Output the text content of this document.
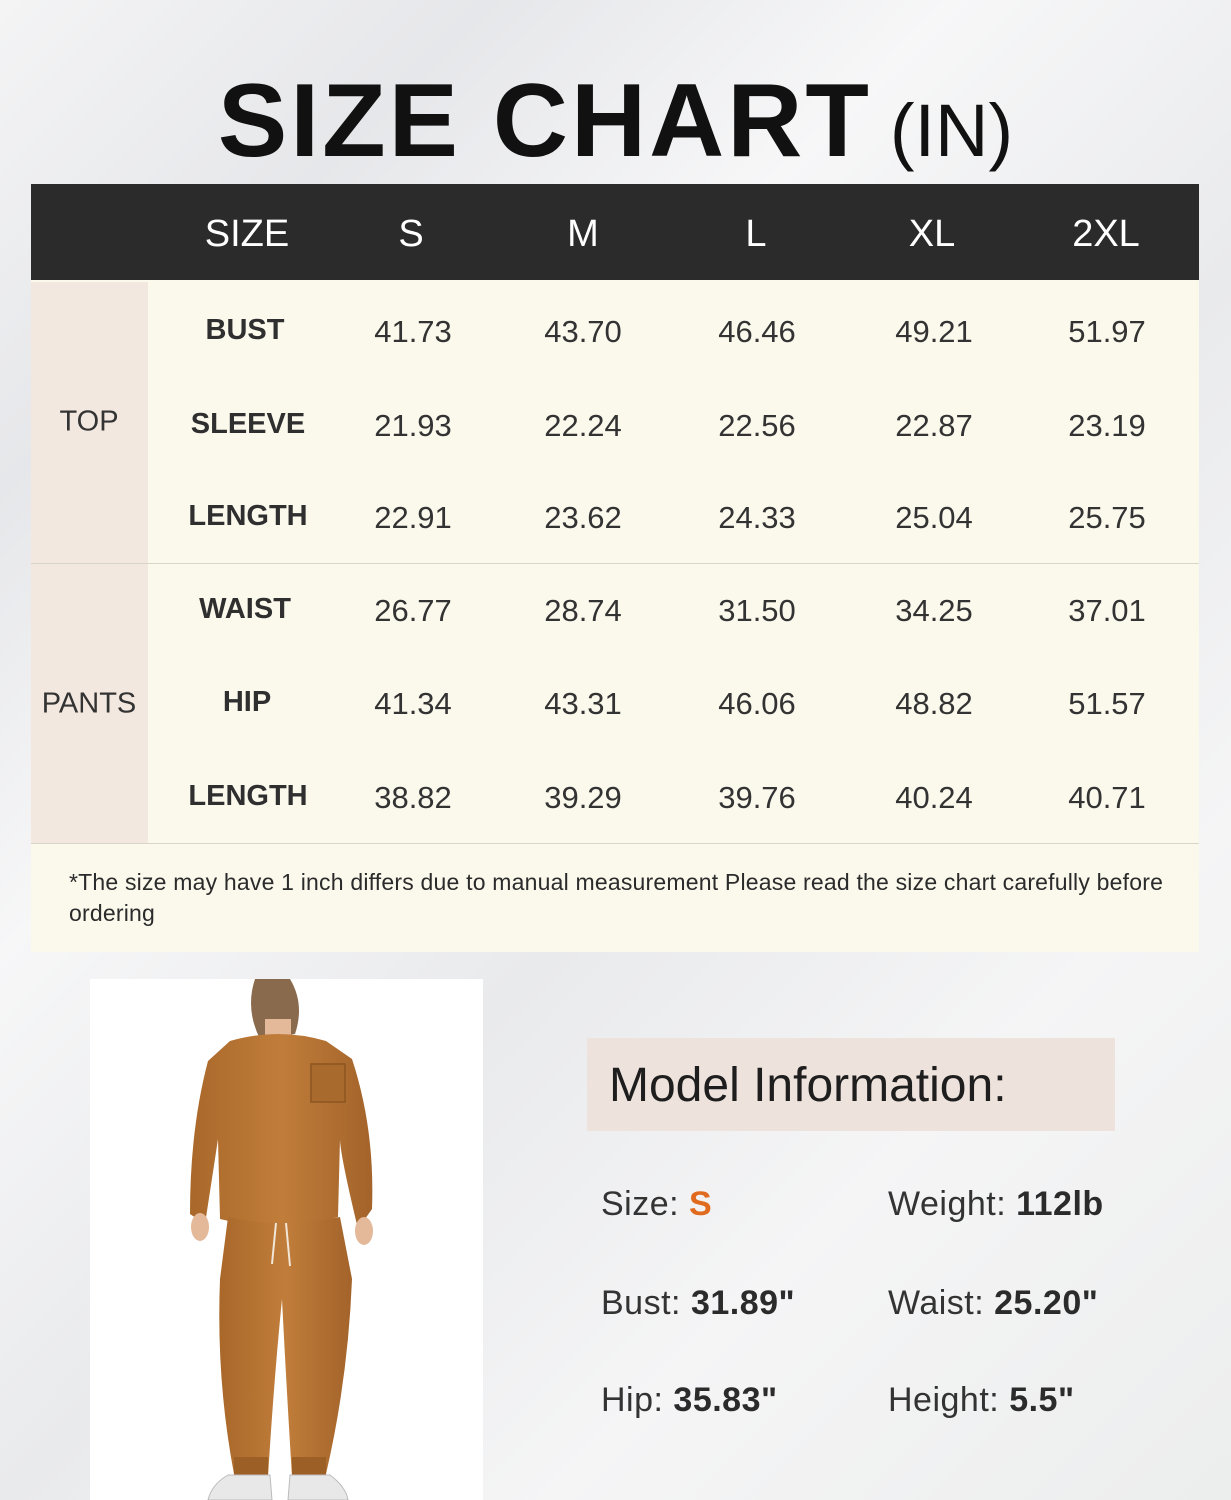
SIZE CHART (IN)
SIZE	S	M	L	XL	2XL
TOP
BUST	41.73	43.70	46.46	49.21	51.97
SLEEVE 21.93	22.24	22.56	22.87	23.19
LENGTH 22.91	23.62	24.33	25.04	25.75
PANTS
WAIST	26.77	28.74	31.50	34.25	37.01
HIP	41.34	43.31	46.06	48.82	51.57
LENGTH 38.82	39.29	39.76	40.24	40.71
*The size may have 1 inch differs due to manual measurement Please read the size chart carefully before ordering
Model Information:
Size: S	Weight: 112lb
Bust: 31.89"	Waist: 25.20"
Hip: 35.83"	Height: 5.5"
